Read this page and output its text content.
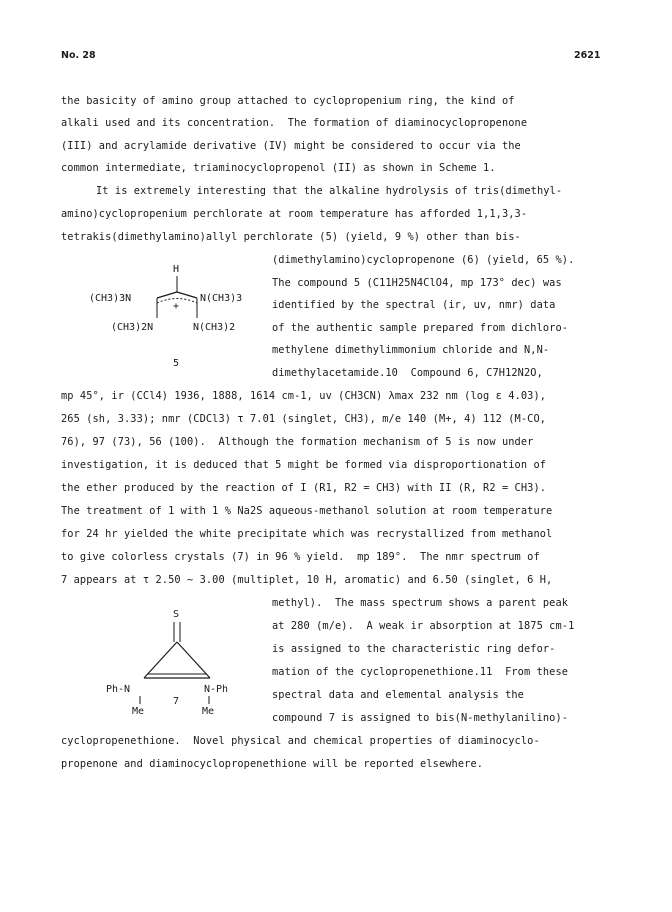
No. 28	2621
the basicity of amino group attached to cyclopropenium ring, the kind of
alkali used and its concentration.  The formation of diaminocyclopropenone
(III) and acrylamide derivative (IV) might be considered to occur via the
common intermediate, triaminocyclopropenol (II) as shown in Scheme 1.
It is extremely interesting that the alkaline hydrolysis of tris(dimethyl-
amino)cyclopropenium perchlorate at room temperature has afforded 1,1,3,3-
tetrakis(dimethylamino)allyl perchlorate (5) (yield, 9 %) other than bis-
(dimethylamino)cyclopropenone (6) (yield, 65 %).
The compound 5 (C11H25N4ClO4, mp 173° dec) was
identified by the spectral (ir, uv, nmr) data
of the authentic sample prepared from dichloro-
methylene dimethylimmonium chloride and N,N-
dimethylacetamide.10  Compound 6, C7H12N2O,
mp 45°, ir (CCl4) 1936, 1888, 1614 cm-1, uv (CH3CN) λmax 232 nm (log ε 4.03),
265 (sh, 3.33); nmr (CDCl3) τ 7.01 (singlet, CH3), m/e 140 (M+, 4) 112 (M-CO,
76), 97 (73), 56 (100).  Although the formation mechanism of 5 is now under
investigation, it is deduced that 5 might be formed via disproportionation of
the ether produced by the reaction of I (R1, R2 = CH3) with II (R, R2 = CH3).
The treatment of 1 with 1 % Na2S aqueous-methanol solution at room temperature
for 24 hr yielded the white precipitate which was recrystallized from methanol
to give colorless crystals (7) in 96 % yield.  mp 189°.  The nmr spectrum of
7 appears at τ 2.50 ~ 3.00 (multiplet, 10 H, aromatic) and 6.50 (singlet, 6 H,
methyl).  The mass spectrum shows a parent peak
at 280 (m/e).  A weak ir absorption at 1875 cm-1
is assigned to the characteristic ring defor-
mation of the cyclopropenethione.11  From these
spectral data and elemental analysis the
compound 7 is assigned to bis(N-methylanilino)-
cyclopropenethione.  Novel physical and chemical properties of diaminocyclo-
propenone and diaminocyclopropenethione will be reported elsewhere.
H
+
(CH3)3N	N(CH3)3
(CH3)2N	N(CH3)2
5
S
Ph-N	N-Ph
Me	Me
7
